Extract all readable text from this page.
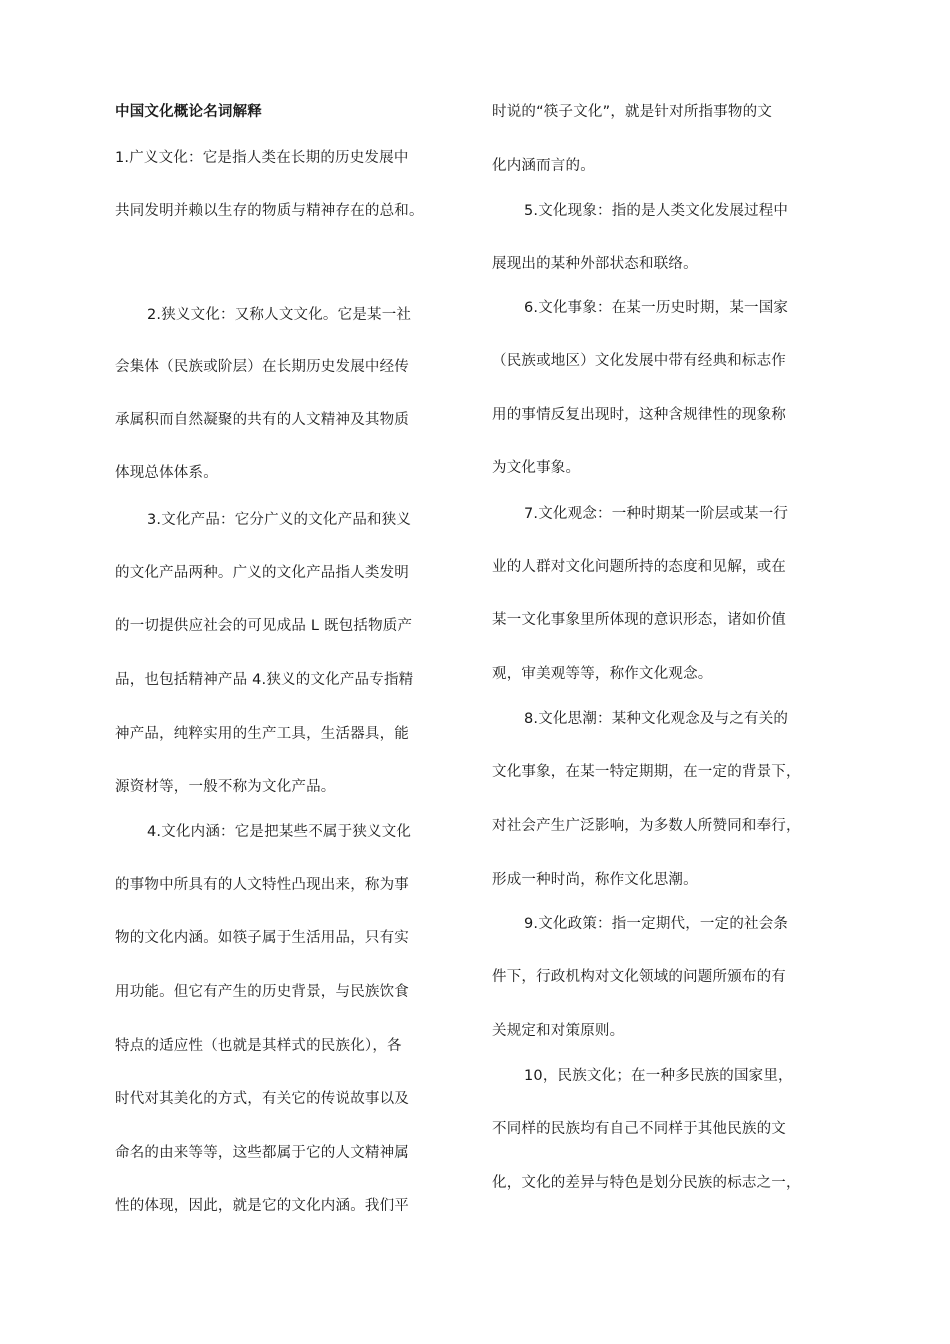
中国文化概论名词解释
1.广义文化：它是指人类在长期的历史发展中
共同发明并赖以生存的物质与精神存在的总和。
2.狭义文化：又称人文文化。它是某一社
会集体（民族或阶层）在长期历史发展中经传
承属积而自然凝聚的共有的人文精神及其物质
体现总体体系。
3.文化产品：它分广义的文化产品和狭义
的文化产品两种。广义的文化产品指人类发明
的一切提供应社会的可见成品 L 既包括物质产
品，也包括精神产品 4.狭义的文化产品专指精
神产品，纯粹实用的生产工具，生活器具，能
源资材等，一般不称为文化产品。
4.文化内涵：它是把某些不属于狭义文化
的事物中所具有的人文特性凸现出来，称为事
物的文化内涵。如筷子属于生活用品，只有实
用功能。但它有产生的历史背景，与民族饮食
特点的适应性（也就是其样式的民族化），各
时代对其美化的方式，有关它的传说故事以及
命名的由来等等，这些都属于它的人文精神属
性的体现，因此，就是它的文化内涵。我们平
时说的“筷子文化”，就是针对所指事物的文
化内涵而言的。
5.文化现象：指的是人类文化发展过程中
展现出的某种外部状态和联络。
6.文化事象：在某一历史时期，某一国家
（民族或地区）文化发展中带有经典和标志作
用的事情反复出现时，这种含规律性的现象称
为文化事象。
7.文化观念：一种时期某一阶层或某一行
业的人群对文化问题所持的态度和见解，或在
某一文化事象里所体现的意识形态，诸如价值
观，审美观等等，称作文化观念。
8.文化思潮：某种文化观念及与之有关的
文化事象，在某一特定期期，在一定的背景下，
对社会产生广泛影响，为多数人所赞同和奉行，
形成一种时尚，称作文化思潮。
9.文化政策：指一定期代，一定的社会条
件下，行政机构对文化领域的问题所颁布的有
关规定和对策原则。
10，民族文化；在一种多民族的国家里，
不同样的民族均有自己不同样于其他民族的文
化，文化的差异与特色是划分民族的标志之一，
